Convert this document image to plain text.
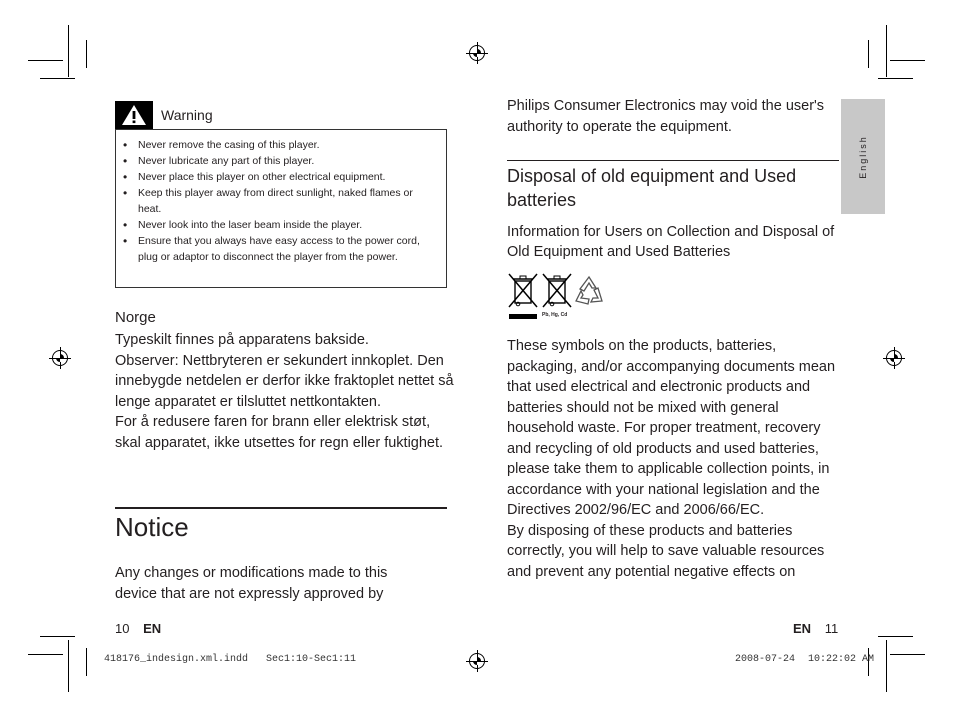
Warning
• Never remove the casing of this player.
• Never lubricate any part of this player.
• Never place this player on other electrical equipment.
• Keep this player away from direct sunlight, naked flames or heat.
• Never look into the laser beam inside the player.
• Ensure that you always have easy access to the power cord, plug or adaptor to disconnect the player from the power.
Norge
Typeskilt finnes på apparatens bakside.
Observer: Nettbryteren er sekundert innkoplet. Den innebygde netdelen er derfor ikke fraktoplet nettet så lenge apparatet er tilsluttet nettkontakten.
For å redusere faren for brann eller elektrisk støt, skal apparatet, ikke utsettes for regn eller fuktighet.
Notice
Any changes or modifications made to this device that are not expressly approved by
Philips Consumer Electronics may void the user's authority to operate the equipment.
Disposal of old equipment and Used batteries
Information for Users on Collection and Disposal of Old Equipment and Used Batteries
Pb, Hg, Cd
These symbols on the products, batteries, packaging, and/or accompanying documents mean that used electrical and electronic products and batteries should not be mixed with general household waste. For proper treatment, recovery and recycling of old products and used batteries, please take them to applicable collection points, in accordance with your national legislation and the Directives 2002/96/EC and 2006/66/EC.
By disposing of these products and batteries correctly, you will help to save valuable resources and prevent any potential negative effects on
English
10 EN	EN 11
418176_indesign.xml.indd   Sec1:10-Sec1:11	2008-07-24 10:22:02 AM
